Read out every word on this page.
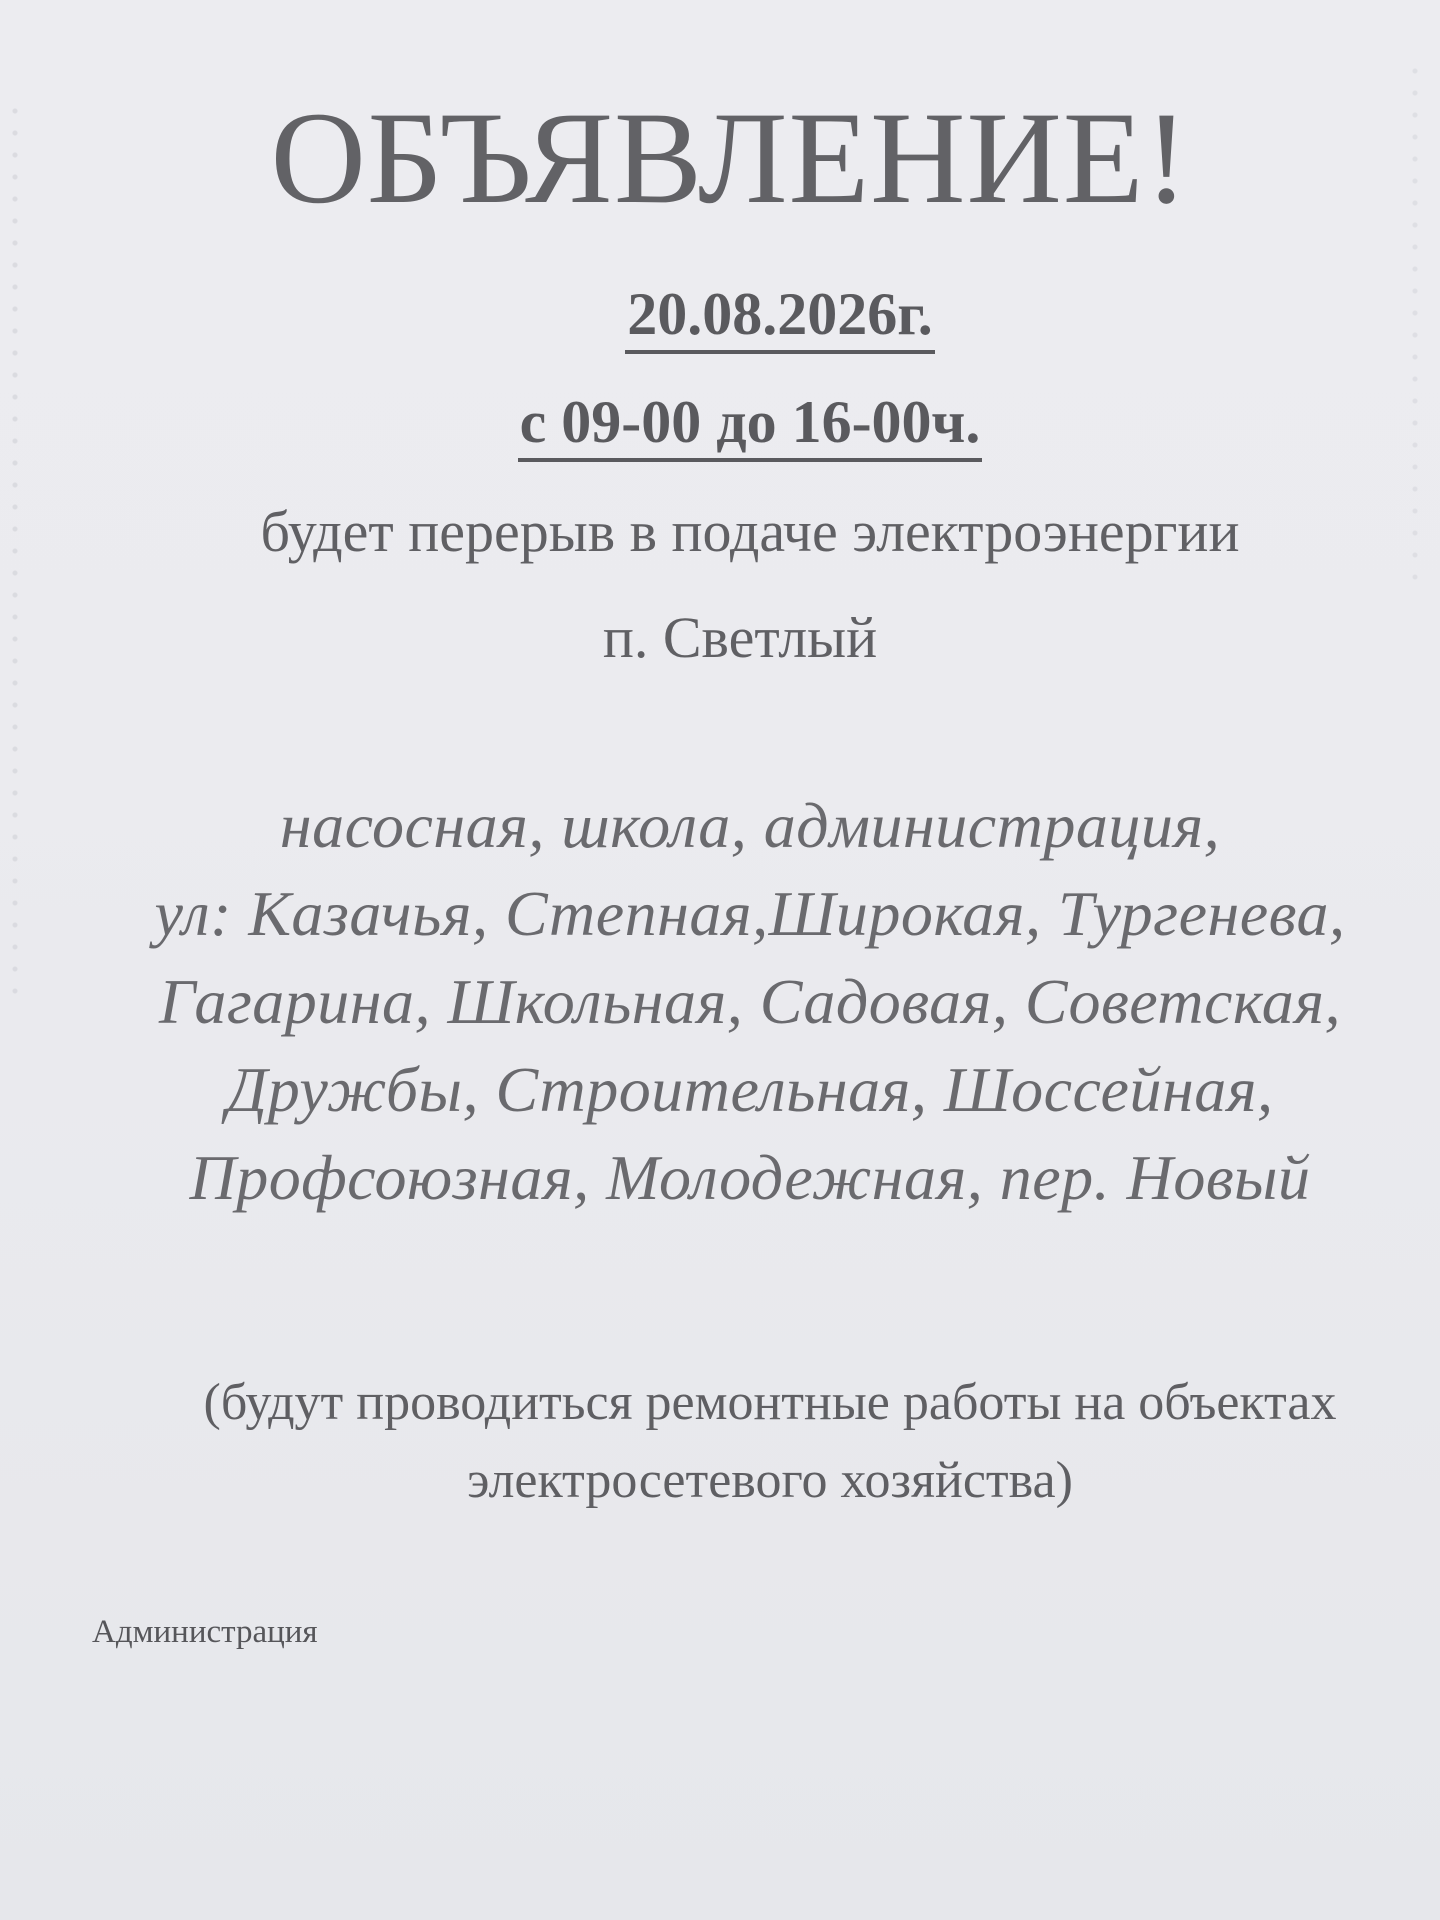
ОБЪЯВЛЕНИЕ!
20.08.2026г.
с 09-00 до 16-00ч.
будет перерыв в подаче электроэнергии
п. Светлый
насосная, школа, администрация,
ул: Казачья, Степная,Широкая, Тургенева,
Гагарина, Школьная, Садовая, Советская,
Дружбы, Строительная, Шоссейная,
Профсоюзная, Молодежная, пер. Новый
(будут проводиться ремонтные работы на объектах
электросетевого хозяйства)
Администрация
